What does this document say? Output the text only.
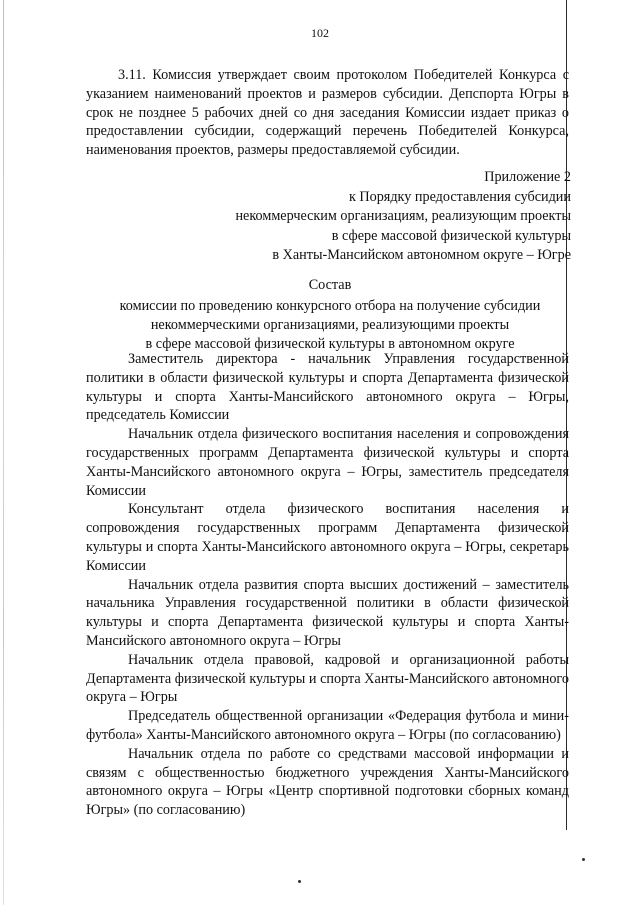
102

3.11. Комиссия утверждает своим протоколом Победителей Конкурса с указанием наименований проектов и размеров субсидии. Депспорта Югры в срок не позднее 5 рабочих дней со дня заседания Комиссии издает приказ о предоставлении субсидии, содержащий перечень Победителей Конкурса, наименования проектов, размеры предоставляемой субсидии.

Приложение 2
к Порядку предоставления субсидии
некоммерческим организациям, реализующим проекты
в сфере массовой физической культуры
в Ханты-Мансийском автономном округе – Югре
Состав
комиссии по проведению конкурсного отбора на получение субсидии
некоммерческими организациями, реализующими проекты
в сфере массовой физической культуры в автономном округе

Заместитель директора - начальник Управления государственной политики в области физической культуры и спорта Департамента физической культуры и спорта Ханты-Мансийского автономного округа – Югры, председатель Комиссии

Начальник отдела физического воспитания населения и сопровождения государственных программ Департамента физической культуры и спорта Ханты-Мансийского автономного округа – Югры, заместитель председателя Комиссии

Консультант отдела физического воспитания населения и сопровождения государственных программ Департамента физической культуры и спорта Ханты-Мансийского автономного округа – Югры, секретарь Комиссии

Начальник отдела развития спорта высших достижений – заместитель начальника Управления государственной политики в области физической культуры и спорта Департамента физической культуры и спорта Ханты-Мансийского автономного округа – Югры

Начальник отдела правовой, кадровой и организационной работы Департамента физической культуры и спорта Ханты-Мансийского автономного округа – Югры

Председатель общественной организации «Федерация футбола и мини-футбола» Ханты-Мансийского автономного округа – Югры (по согласованию)

Начальник отдела по работе со средствами массовой информации и связям с общественностью бюджетного учреждения Ханты-Мансийского автономного округа – Югры «Центр спортивной подготовки сборных команд Югры» (по согласованию)
